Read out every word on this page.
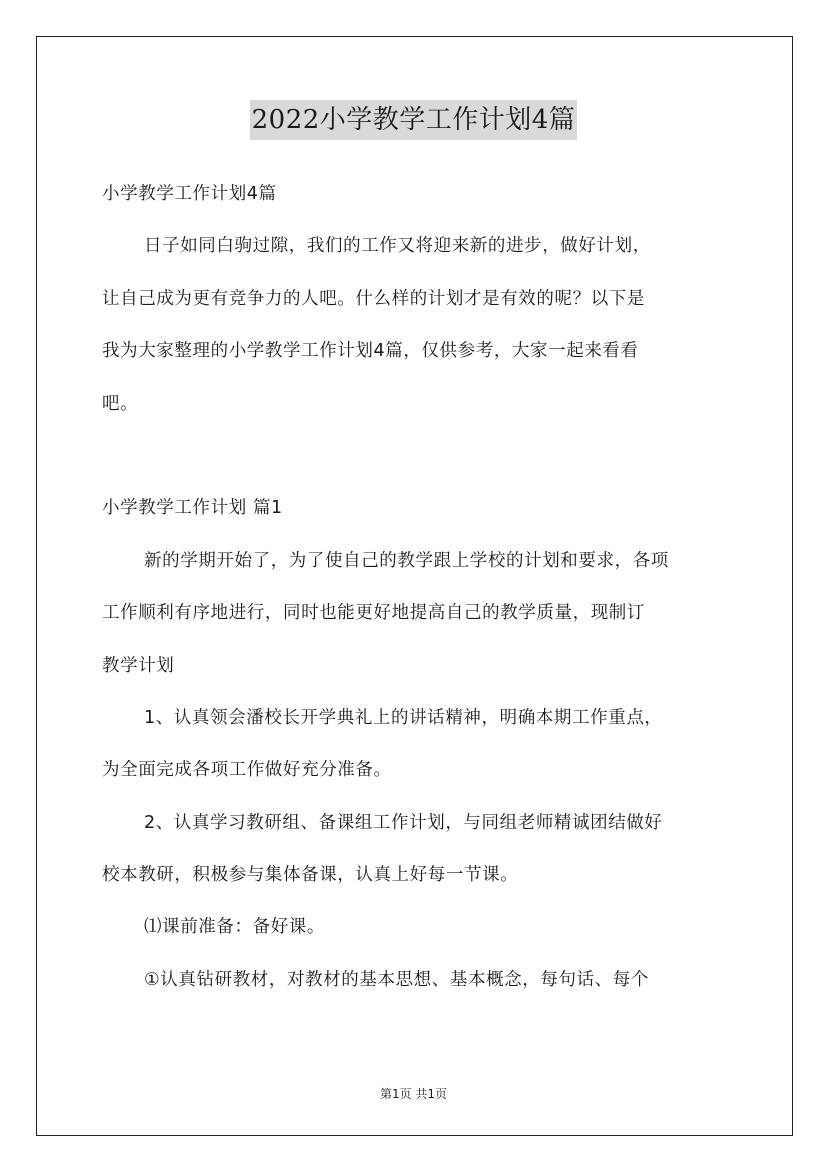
2022小学教学工作计划4篇
小学教学工作计划4篇
日子如同白驹过隙，我们的工作又将迎来新的进步，做好计划，
让自己成为更有竞争力的人吧。什么样的计划才是有效的呢？以下是
我为大家整理的小学教学工作计划4篇，仅供参考，大家一起来看看
吧。
小学教学工作计划 篇1
新的学期开始了，为了使自己的教学跟上学校的计划和要求，各项
工作顺利有序地进行，同时也能更好地提高自己的教学质量，现制订
教学计划
1、认真领会潘校长开学典礼上的讲话精神，明确本期工作重点，
为全面完成各项工作做好充分准备。
2、认真学习教研组、备课组工作计划，与同组老师精诚团结做好
校本教研，积极参与集体备课，认真上好每一节课。
⑴课前准备：备好课。
①认真钻研教材，对教材的基本思想、基本概念，每句话、每个
第1页 共1页
